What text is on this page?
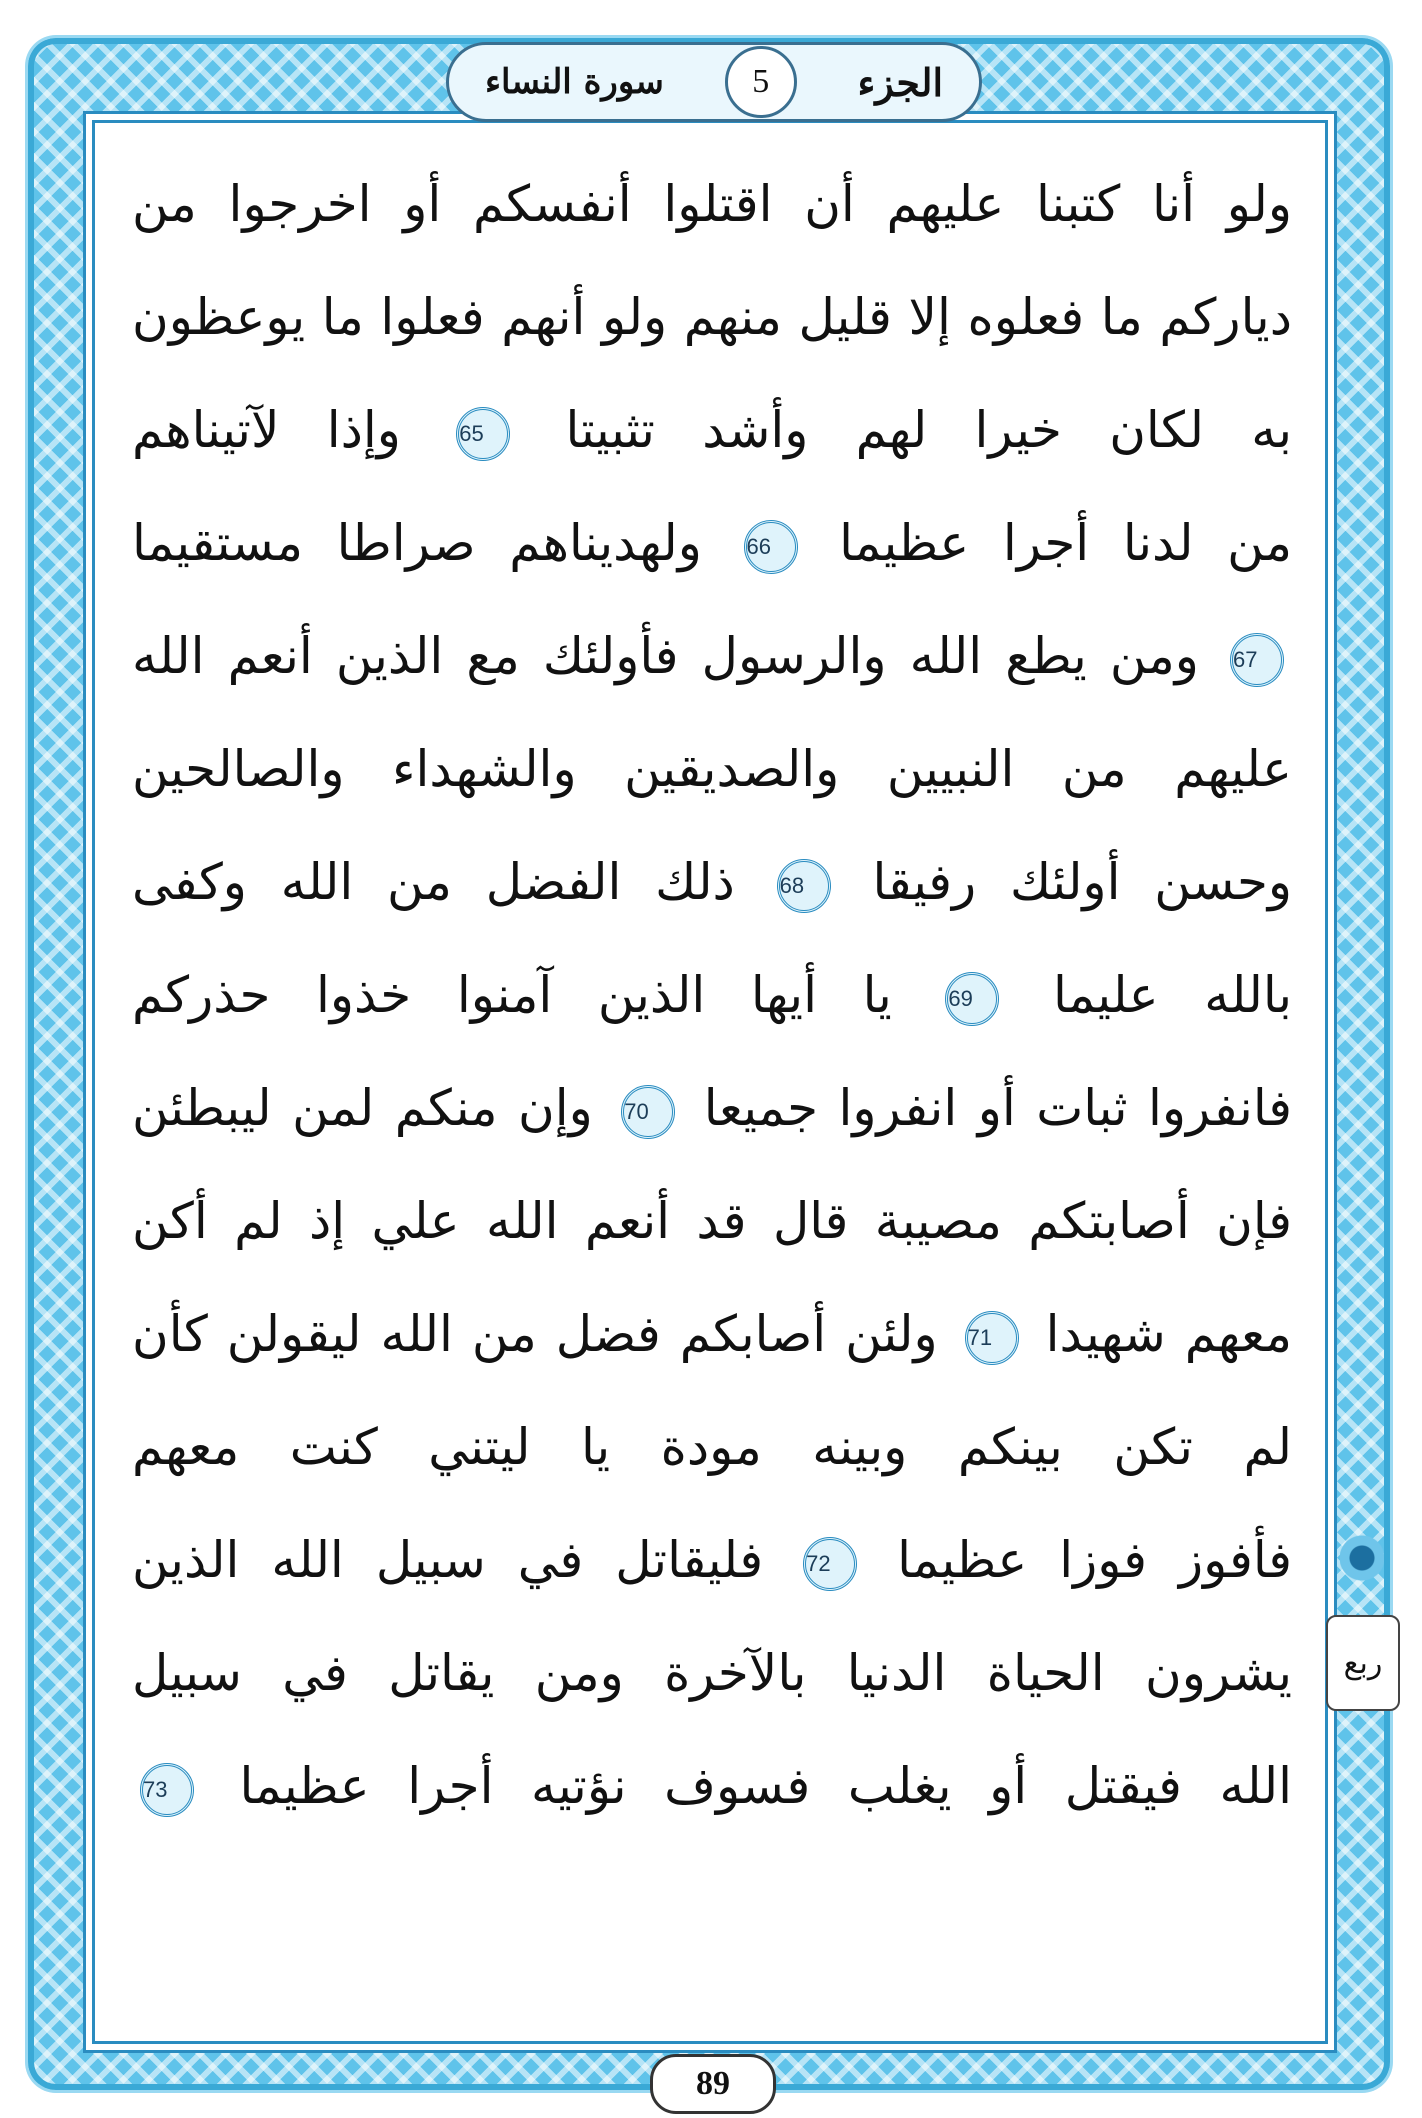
سورة النساء	5	الجزء
ولو أنا كتبنا عليهم أن اقتلوا أنفسكم أو اخرجوا من
دياركم ما فعلوه إلا قليل منهم ولو أنهم فعلوا ما يوعظون
به لكان خيرا لهم وأشد تثبيتا 65 وإذا لآتيناهم
من لدنا أجرا عظيما 66 ولهديناهم صراطا مستقيما
67 ومن يطع الله والرسول فأولئك مع الذين أنعم الله
عليهم من النبيين والصديقين والشهداء والصالحين
وحسن أولئك رفيقا 68 ذلك الفضل من الله وكفى
بالله عليما 69 يا أيها الذين آمنوا خذوا حذركم
فانفروا ثبات أو انفروا جميعا 70 وإن منكم لمن ليبطئن
فإن أصابتكم مصيبة قال قد أنعم الله علي إذ لم أكن
معهم شهيدا 71 ولئن أصابكم فضل من الله ليقولن كأن
لم تكن بينكم وبينه مودة يا ليتني كنت معهم
فأفوز فوزا عظيما 72 فليقاتل في سبيل الله الذين
يشرون الحياة الدنيا بالآخرة ومن يقاتل في سبيل
الله فيقتل أو يغلب فسوف نؤتيه أجرا عظيما 73
ربع
89
